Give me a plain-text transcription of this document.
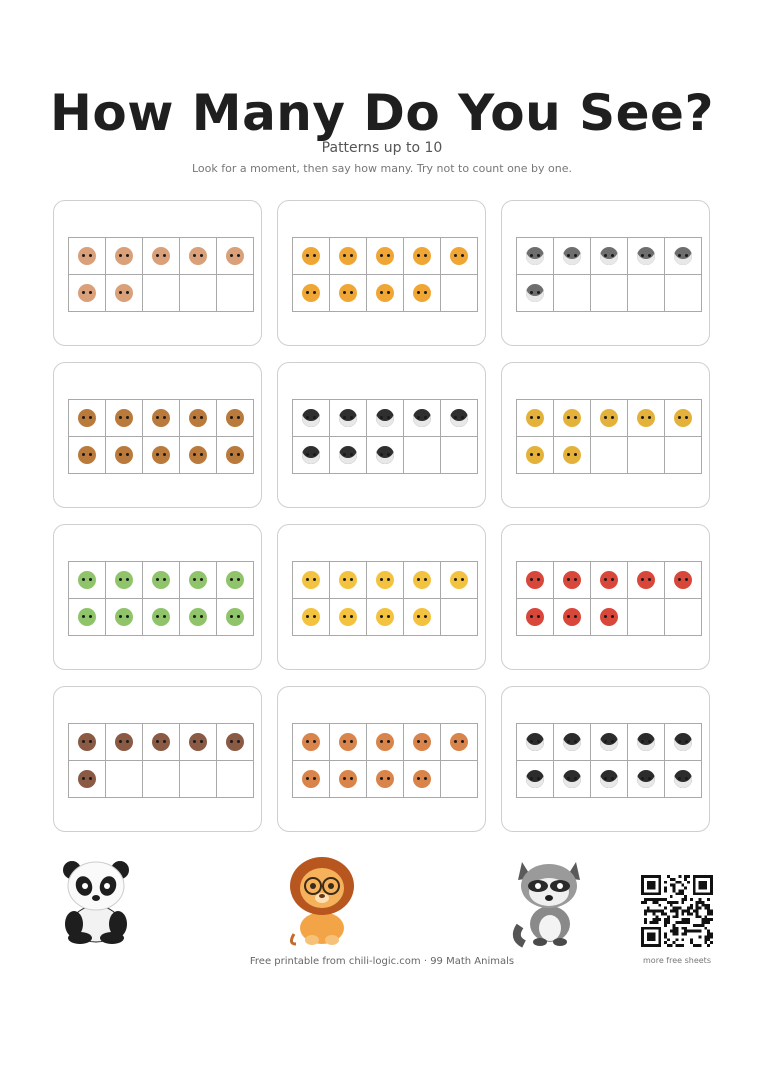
How Many Do You See?
Patterns up to 10
Look for a moment, then say how many. Try not to count one by one.
more free sheets
Free printable from chili-logic.com · 99 Math Animals
